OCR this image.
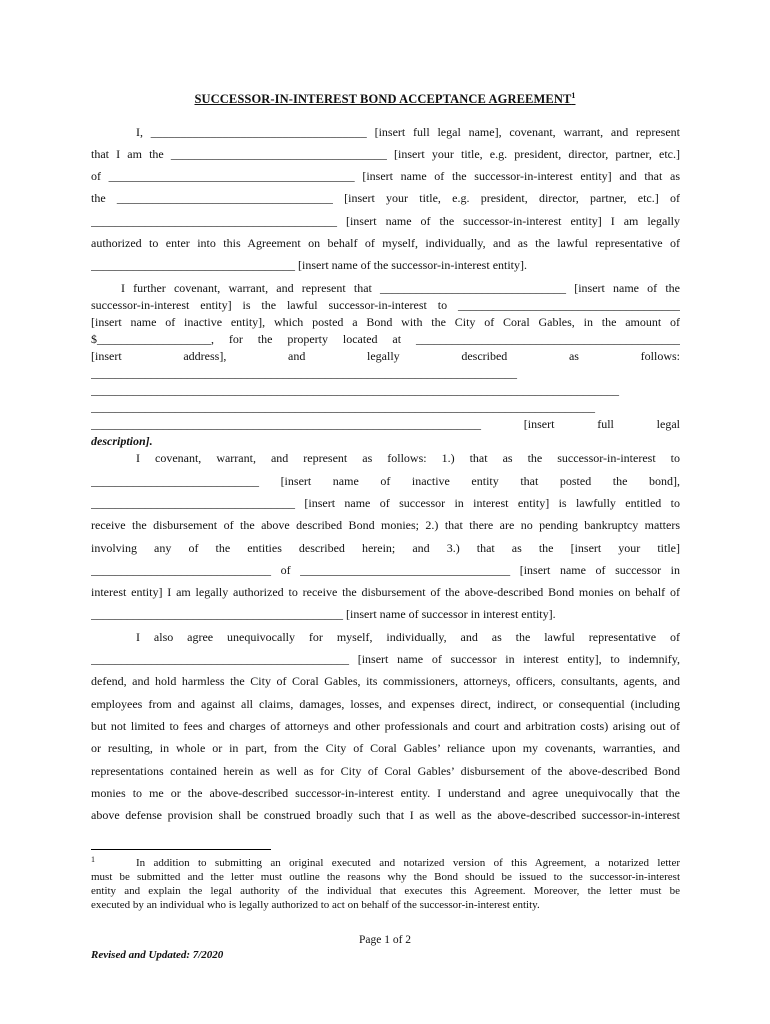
SUCCESSOR-IN-INTEREST BOND ACCEPTANCE AGREEMENT$^1$
I, ____________________________________ [insert full legal name], covenant, warrant, and represent
that I am the ____________________________________ [insert your title, e.g. president, director, partner, etc.]
of _________________________________________ [insert name of the successor-in-interest entity] and that as
the ____________________________________ [insert your title, e.g. president, director, partner, etc.] of
_________________________________________ [insert name of the successor-in-interest entity] I am legally
authorized to enter into this Agreement on behalf of myself, individually, and as the lawful representative of
__________________________________ [insert name of the successor-in-interest entity].
I further covenant, warrant, and represent that _______________________________ [insert name of the
successor-in-interest entity] is the lawful successor-in-interest to _____________________________________
[insert name of inactive entity], which posted a Bond with the City of Coral Gables, in the amount of
$___________________, for the property located at ____________________________________________
[insert address], and legally described as follows:
_______________________________________________________________________
________________________________________________________________________________________
____________________________________________________________________________________
_________________________________________________________________ [insert full legal
description].
I covenant, warrant, and represent as follows: 1.) that as the successor-in-interest to
____________________________ [insert name of inactive entity that posted the bond],
__________________________________ [insert name of successor in interest entity] is lawfully entitled to
receive the disbursement of the above described Bond monies; 2.) that there are no pending bankruptcy matters
involving any of the entities described herein; and 3.) that as the [insert your title]
______________________________ of ___________________________________ [insert name of successor in
interest entity] I am legally authorized to receive the disbursement of the above-described Bond monies on behalf of
__________________________________________ [insert name of successor in interest entity].
I also agree unequivocally for myself, individually, and as the lawful representative of
___________________________________________ [insert name of successor in interest entity], to indemnify,
defend, and hold harmless the City of Coral Gables, its commissioners, attorneys, officers, consultants, agents, and
employees from and against all claims, damages, losses, and expenses direct, indirect, or consequential (including
but not limited to fees and charges of attorneys and other professionals and court and arbitration costs) arising out of
or resulting, in whole or in part, from the City of Coral Gables’ reliance upon my covenants, warranties, and
representations contained herein as well as for City of Coral Gables’ disbursement of the above-described Bond
monies to me or the above-described successor-in-interest entity. I understand and agree unequivocally that the
above defense provision shall be construed broadly such that I as well as the above-described successor-in-interest
1	In addition to submitting an original executed and notarized version of this Agreement, a notarized letter
must be submitted and the letter must outline the reasons why the Bond should be issued to the successor-in-interest
entity and explain the legal authority of the individual that executes this Agreement. Moreover, the letter must be
executed by an individual who is legally authorized to act on behalf of the successor-in-interest entity.
Page 1 of 2
Revised and Updated: 7/2020
